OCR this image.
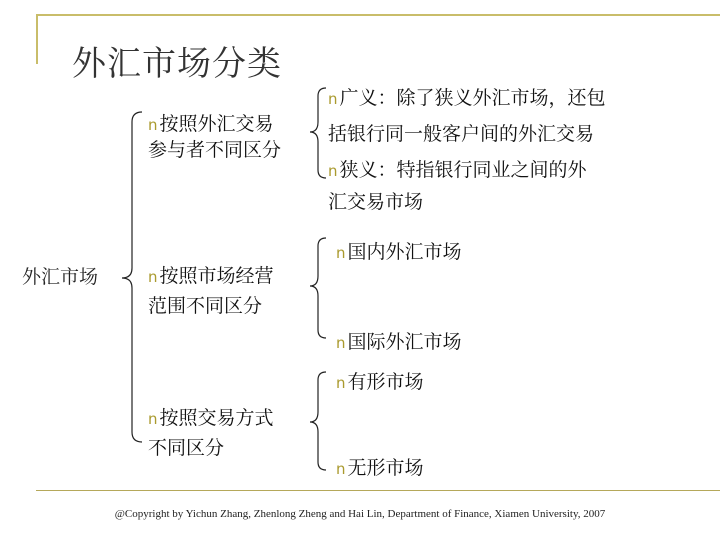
外汇市场分类
外汇市场
n 按照外汇交易
参与者不同区分
n 广义：除了狭义外汇市场，还包
括银行同一般客户间的外汇交易
n 狭义：特指银行同业之间的外
汇交易市场
n 按照市场经营
范围不同区分
n 国内外汇市场
n 国际外汇市场
n 按照交易方式
不同区分
n 有形市场
n 无形市场
@Copyright by Yichun Zhang, Zhenlong Zheng and Hai Lin, Department of Finance, Xiamen University, 2007
